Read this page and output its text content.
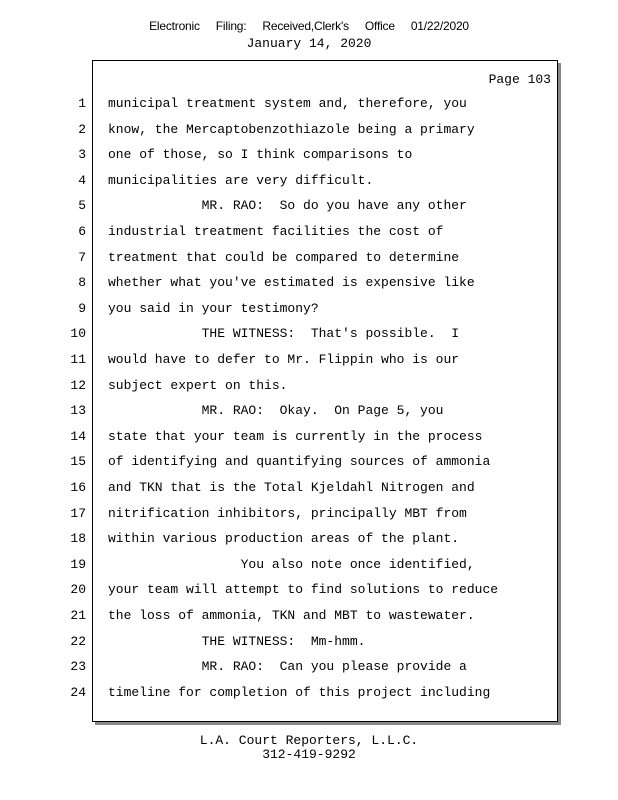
Electronic Filing: Received,Clerk's Office 01/22/2020
January 14, 2020
Page 103
1 municipal treatment system and, therefore, you
2 know, the Mercaptobenzothiazole being a primary
3 one of those, so I think comparisons to
4 municipalities are very difficult.
5 MR. RAO:  So do you have any other
6 industrial treatment facilities the cost of
7 treatment that could be compared to determine
8 whether what you've estimated is expensive like
9 you said in your testimony?
10 THE WITNESS:  That's possible.  I
11 would have to defer to Mr. Flippin who is our
12 subject expert on this.
13 MR. RAO:  Okay.  On Page 5, you
14 state that your team is currently in the process
15 of identifying and quantifying sources of ammonia
16 and TKN that is the Total Kjeldahl Nitrogen and
17 nitrification inhibitors, principally MBT from
18 within various production areas of the plant.
19 You also note once identified,
20 your team will attempt to find solutions to reduce
21 the loss of ammonia, TKN and MBT to wastewater.
22 THE WITNESS:  Mm-hmm.
23 MR. RAO:  Can you please provide a
24 timeline for completion of this project including
L.A. Court Reporters, L.L.C.
312-419-9292
